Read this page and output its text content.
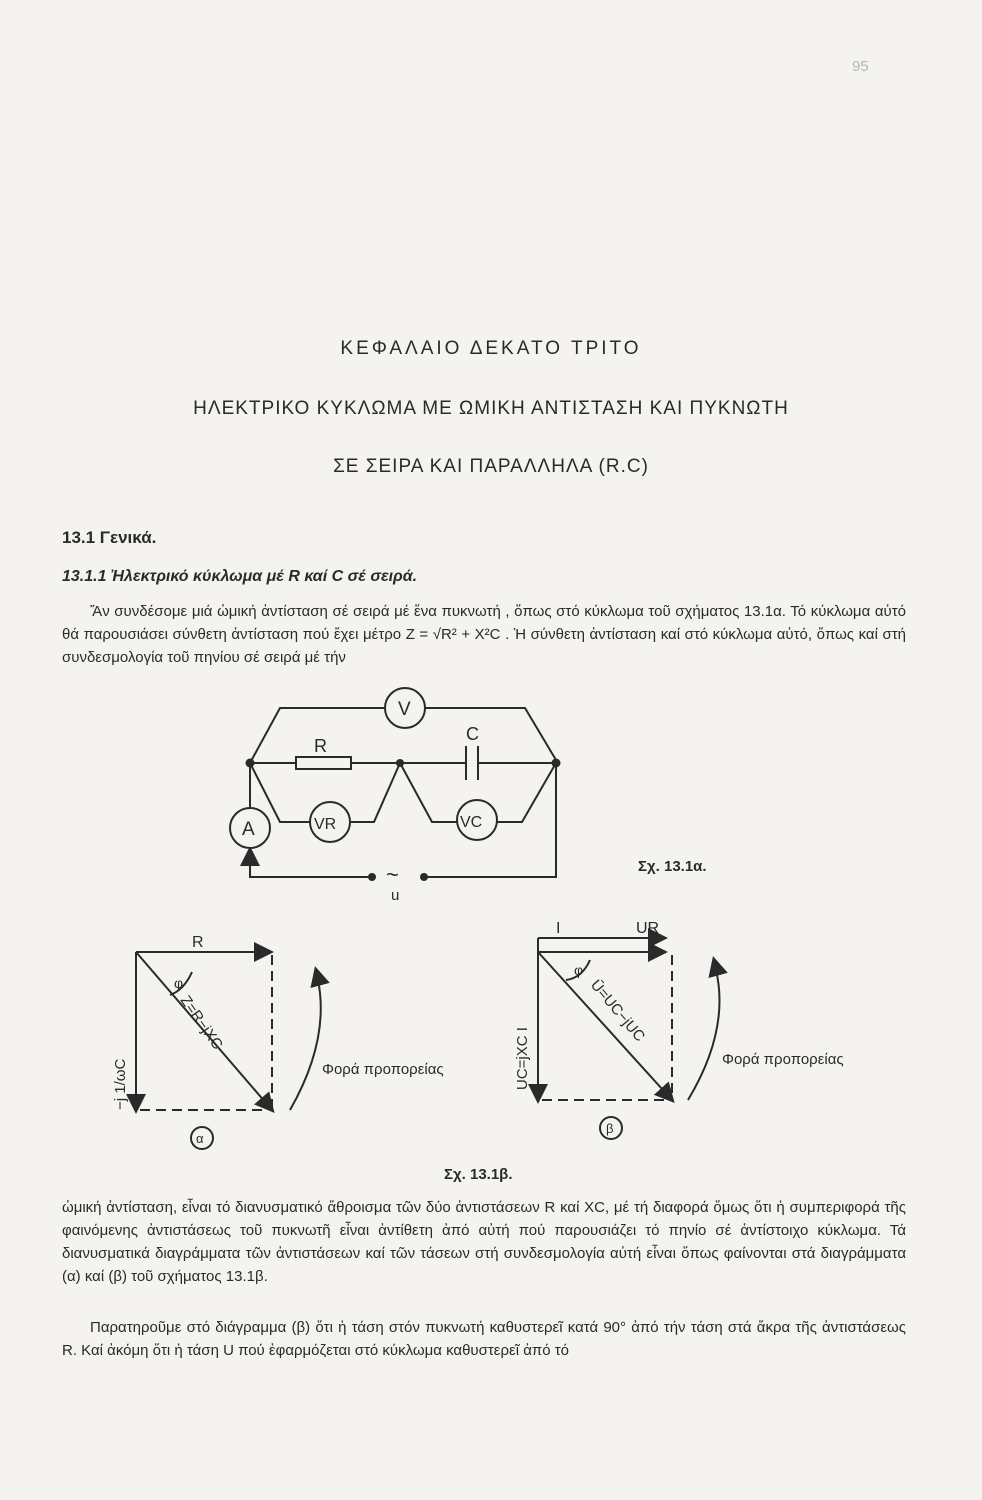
95
ΚΕΦΑΛΑΙΟ ΔΕΚΑΤΟ ΤΡΙΤΟ
ΗΛΕΚΤΡΙΚΟ ΚΥΚΛΩΜΑ ΜΕ ΩΜΙΚΗ ΑΝΤΙΣΤΑΣΗ ΚΑΙ ΠΥΚΝΩΤΗ
ΣΕ ΣΕΙΡΑ ΚΑΙ ΠΑΡΑΛΛΗΛΑ (R.C)
13.1 Γενικά.
13.1.1 Ἠλεκτρικό κύκλωμα μέ R καί C σέ σειρά.
Ἄν συνδέσομε μιά ὠμική ἀντίσταση σέ σειρά μέ ἕνα πυκνωτή , ὅπως στό κύκλωμα τοῦ σχήματος 13.1α. Τό κύκλωμα αὐτό θά παρουσιάσει σύνθετη ἀντίσταση πού ἔχει μέτρο Z = √R² + X²C . Ἡ σύνθετη ἀντίσταση καί στό κύκλωμα αὐτό, ὅπως καί στή συνδεσμολογία τοῦ πηνίου σέ σειρά μέ τήν
V
R
C
A	VR	VC
~
u
R
φ
Z=R−jXC
−j 1/ωC	Φορά προπορείας
α
I	UR
φ
Ū=UC−jUC
UC=jXC I	Φορά προπορείας
β
Σχ. 13.1α.
Σχ. 13.1β.
ὠμική ἀντίσταση, εἶναι τό διανυσματικό ἄθροισμα τῶν δύο ἀντιστάσεων R καί XC, μέ τή διαφορά ὅμως ὅτι ἡ συμπεριφορά τῆς φαινόμενης ἀντιστάσεως τοῦ πυκνωτῆ εἶναι ἀντίθετη ἀπό αὐτή πού παρουσιάζει τό πηνίο σέ ἀντίστοιχο κύκλωμα. Τά διανυσματικά διαγράμματα τῶν ἀντιστάσεων καί τῶν τάσεων στή συνδεσμολογία αὐτή εἶναι ὅπως φαίνονται στά διαγράμματα (α) καί (β) τοῦ σχήματος 13.1β.
Παρατηροῦμε στό διάγραμμα (β) ὅτι ἡ τάση στόν πυκνωτή καθυστερεῖ κατά 90° ἀπό τήν τάση στά ἄκρα τῆς ἀντιστάσεως R. Καί ἀκόμη ὅτι ἡ τάση U πού ἐφαρμόζεται στό κύκλωμα καθυστερεῖ ἀπό τό
